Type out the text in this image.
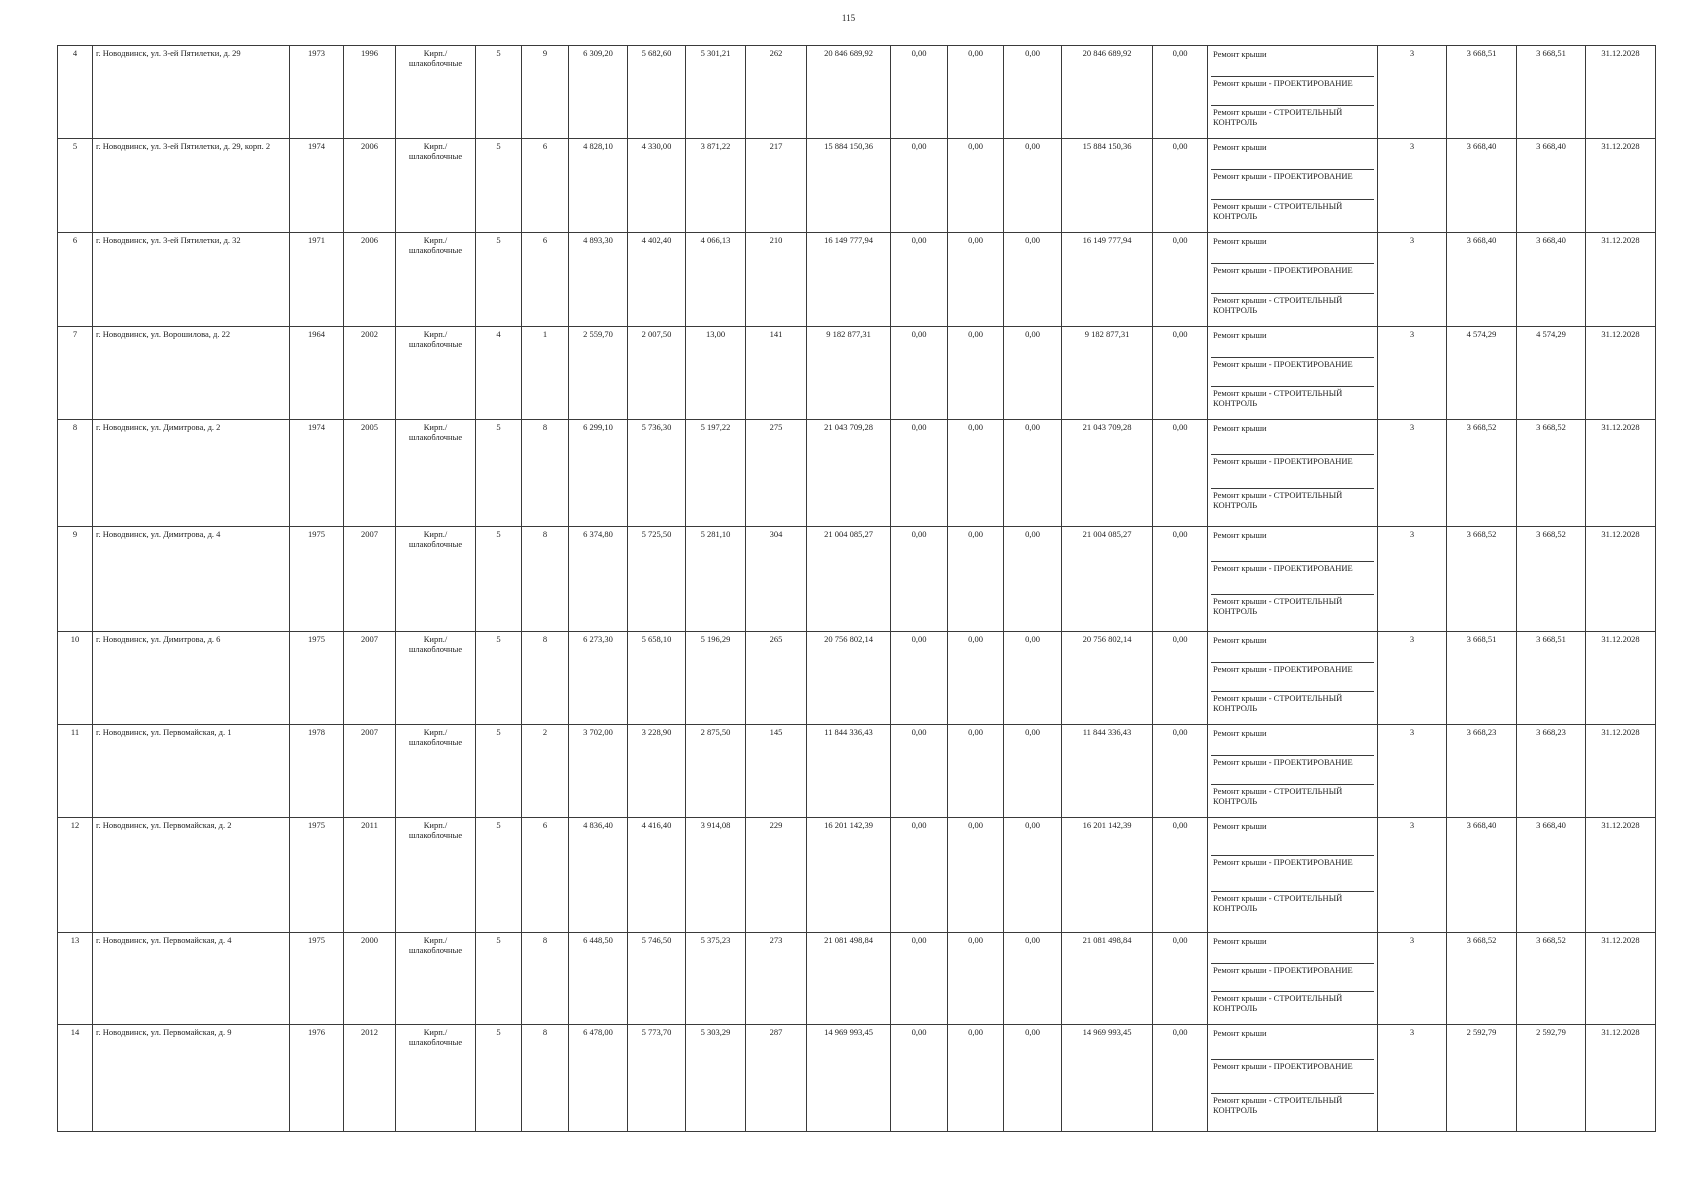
115
4	г. Новодвинск, ул. 3-ей Пятилетки, д. 29	1973	1996	Кирп./ шлакоблочные	5	9	6 309,20	5 682,60	5 301,21	262	20 846 689,92	0,00	0,00	0,00	20 846 689,92	0,00	Ремонт крыши
Ремонт крыши - ПРОЕКТИРОВАНИЕ
Ремонт крыши - СТРОИТЕЛЬНЫЙ КОНТРОЛЬ	3	3 668,51	3 668,51	31.12.2028
5	г. Новодвинск, ул. 3-ей Пятилетки, д. 29, корп. 2	1974	2006	Кирп./ шлакоблочные	5	6	4 828,10	4 330,00	3 871,22	217	15 884 150,36	0,00	0,00	0,00	15 884 150,36	0,00	Ремонт крыши
Ремонт крыши - ПРОЕКТИРОВАНИЕ
Ремонт крыши - СТРОИТЕЛЬНЫЙ КОНТРОЛЬ	3	3 668,40	3 668,40	31.12.2028
6	г. Новодвинск, ул. 3-ей Пятилетки, д. 32	1971	2006	Кирп./ шлакоблочные	5	6	4 893,30	4 402,40	4 066,13	210	16 149 777,94	0,00	0,00	0,00	16 149 777,94	0,00	Ремонт крыши
Ремонт крыши - ПРОЕКТИРОВАНИЕ
Ремонт крыши - СТРОИТЕЛЬНЫЙ КОНТРОЛЬ	3	3 668,40	3 668,40	31.12.2028
7	г. Новодвинск, ул. Ворошилова, д. 22	1964	2002	Кирп./ шлакоблочные	4	1	2 559,70	2 007,50	13,00	141	9 182 877,31	0,00	0,00	0,00	9 182 877,31	0,00	Ремонт крыши
Ремонт крыши - ПРОЕКТИРОВАНИЕ
Ремонт крыши - СТРОИТЕЛЬНЫЙ КОНТРОЛЬ	3	4 574,29	4 574,29	31.12.2028
8	г. Новодвинск, ул. Димитрова, д. 2	1974	2005	Кирп./ шлакоблочные	5	8	6 299,10	5 736,30	5 197,22	275	21 043 709,28	0,00	0,00	0,00	21 043 709,28	0,00	Ремонт крыши
Ремонт крыши - ПРОЕКТИРОВАНИЕ
Ремонт крыши - СТРОИТЕЛЬНЫЙ КОНТРОЛЬ	3	3 668,52	3 668,52	31.12.2028
9	г. Новодвинск, ул. Димитрова, д. 4	1975	2007	Кирп./ шлакоблочные	5	8	6 374,80	5 725,50	5 281,10	304	21 004 085,27	0,00	0,00	0,00	21 004 085,27	0,00	Ремонт крыши
Ремонт крыши - ПРОЕКТИРОВАНИЕ
Ремонт крыши - СТРОИТЕЛЬНЫЙ КОНТРОЛЬ	3	3 668,52	3 668,52	31.12.2028
10	г. Новодвинск, ул. Димитрова, д. 6	1975	2007	Кирп./ шлакоблочные	5	8	6 273,30	5 658,10	5 196,29	265	20 756 802,14	0,00	0,00	0,00	20 756 802,14	0,00	Ремонт крыши
Ремонт крыши - ПРОЕКТИРОВАНИЕ
Ремонт крыши - СТРОИТЕЛЬНЫЙ КОНТРОЛЬ	3	3 668,51	3 668,51	31.12.2028
11	г. Новодвинск, ул. Первомайская, д. 1	1978	2007	Кирп./ шлакоблочные	5	2	3 702,00	3 228,90	2 875,50	145	11 844 336,43	0,00	0,00	0,00	11 844 336,43	0,00	Ремонт крыши
Ремонт крыши - ПРОЕКТИРОВАНИЕ
Ремонт крыши - СТРОИТЕЛЬНЫЙ КОНТРОЛЬ	3	3 668,23	3 668,23	31.12.2028
12	г. Новодвинск, ул. Первомайская, д. 2	1975	2011	Кирп./ шлакоблочные	5	6	4 836,40	4 416,40	3 914,08	229	16 201 142,39	0,00	0,00	0,00	16 201 142,39	0,00	Ремонт крыши
Ремонт крыши - ПРОЕКТИРОВАНИЕ
Ремонт крыши - СТРОИТЕЛЬНЫЙ КОНТРОЛЬ	3	3 668,40	3 668,40	31.12.2028
13	г. Новодвинск, ул. Первомайская, д. 4	1975	2000	Кирп./ шлакоблочные	5	8	6 448,50	5 746,50	5 375,23	273	21 081 498,84	0,00	0,00	0,00	21 081 498,84	0,00	Ремонт крыши
Ремонт крыши - ПРОЕКТИРОВАНИЕ
Ремонт крыши - СТРОИТЕЛЬНЫЙ КОНТРОЛЬ	3	3 668,52	3 668,52	31.12.2028
14	г. Новодвинск, ул. Первомайская, д. 9	1976	2012	Кирп./ шлакоблочные	5	8	6 478,00	5 773,70	5 303,29	287	14 969 993,45	0,00	0,00	0,00	14 969 993,45	0,00	Ремонт крыши
Ремонт крыши - ПРОЕКТИРОВАНИЕ
Ремонт крыши - СТРОИТЕЛЬНЫЙ КОНТРОЛЬ	3	2 592,79	2 592,79	31.12.2028
